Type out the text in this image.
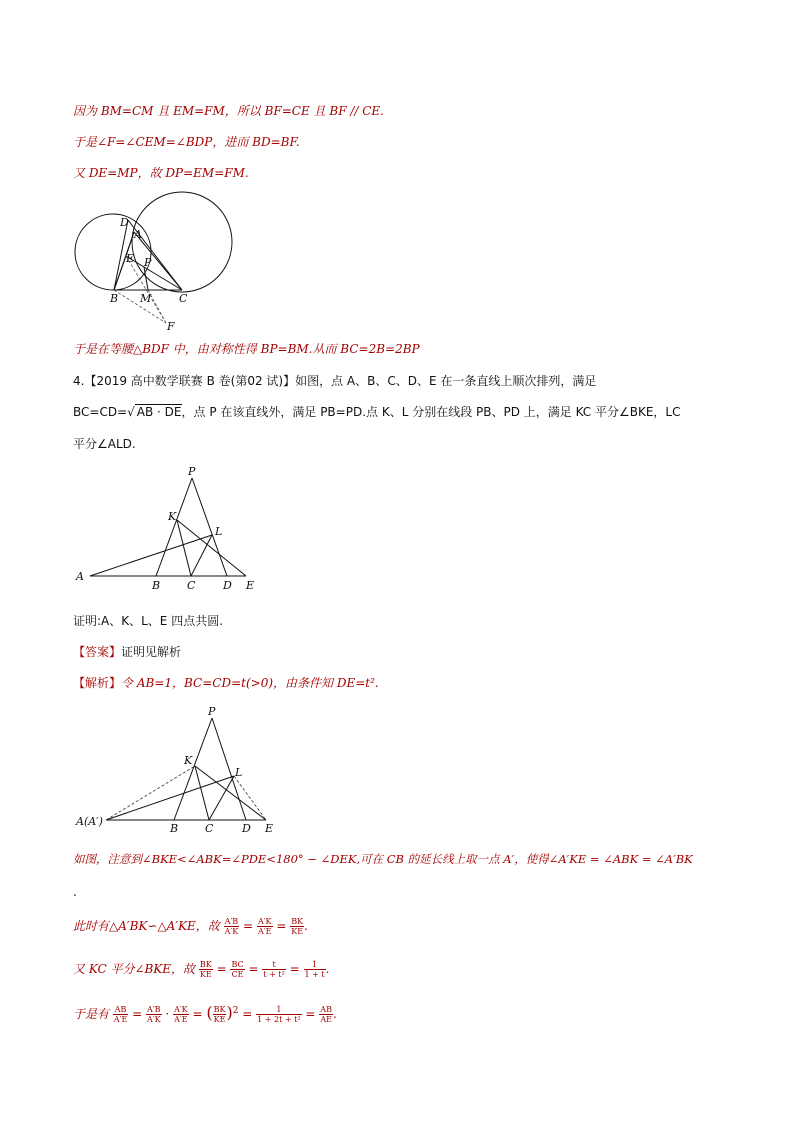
因为 BM=CM 且 EM=FM，所以 BF=CE 且 BF // CE.
于是∠F=∠CEM=∠BDP，进而 BD=BF.
又 DE=MP，故 DP=EM=FM.
D
A
E P
B M	C
F
于是在等腰△BDF 中，由对称性得 BP=BM.从而 BC=2B=2BP
4.【2019 高中数学联赛 B 卷(第02 试)】如图，点 A、B、C、D、E 在一条直线上顺次排列，满足
BC=CD=√ AB · DE，点 P 在该直线外，满足 PB=PD.点 K、L 分别在线段 PB、PD 上，满足 KC 平分∠BKE，LC
平分∠ALD.
P
K
L
A
B C	D E
证明:A、K、L、E 四点共圆.
【答案】证明见解析
【解析】令 AB=1，BC=CD=t(>0)，由条件知 DE=t².
P
K
L
A(A′)
B C	D E
如图，注意到∠BKE<∠ABK=∠PDE<180° − ∠DEK,可在 CB 的延长线上取一点 A′，使得∠A′KE = ∠ABK = ∠A′BK
.
此时有△A′BK∽△A′KE，故 $\frac{A'B}{A'K} = \frac{A'K}{A'E} = \frac{BK}{KE}$ .
又 KC 平分∠BKE，故 $\frac{BK}{KE} = \frac{BC}{CE} = \frac{t}{\text{t + t²}} = \frac{1}{1 + t}$ .
于是有 $\frac{AB}{A'E} = \frac{A'B}{A'K} \cdot \frac{A'K}{A'E}$ = ( $\frac{BK}{KE} )^2 = \frac{1}{\text{1 + 2t + t²}} = \frac{AB}{AE}$ .
